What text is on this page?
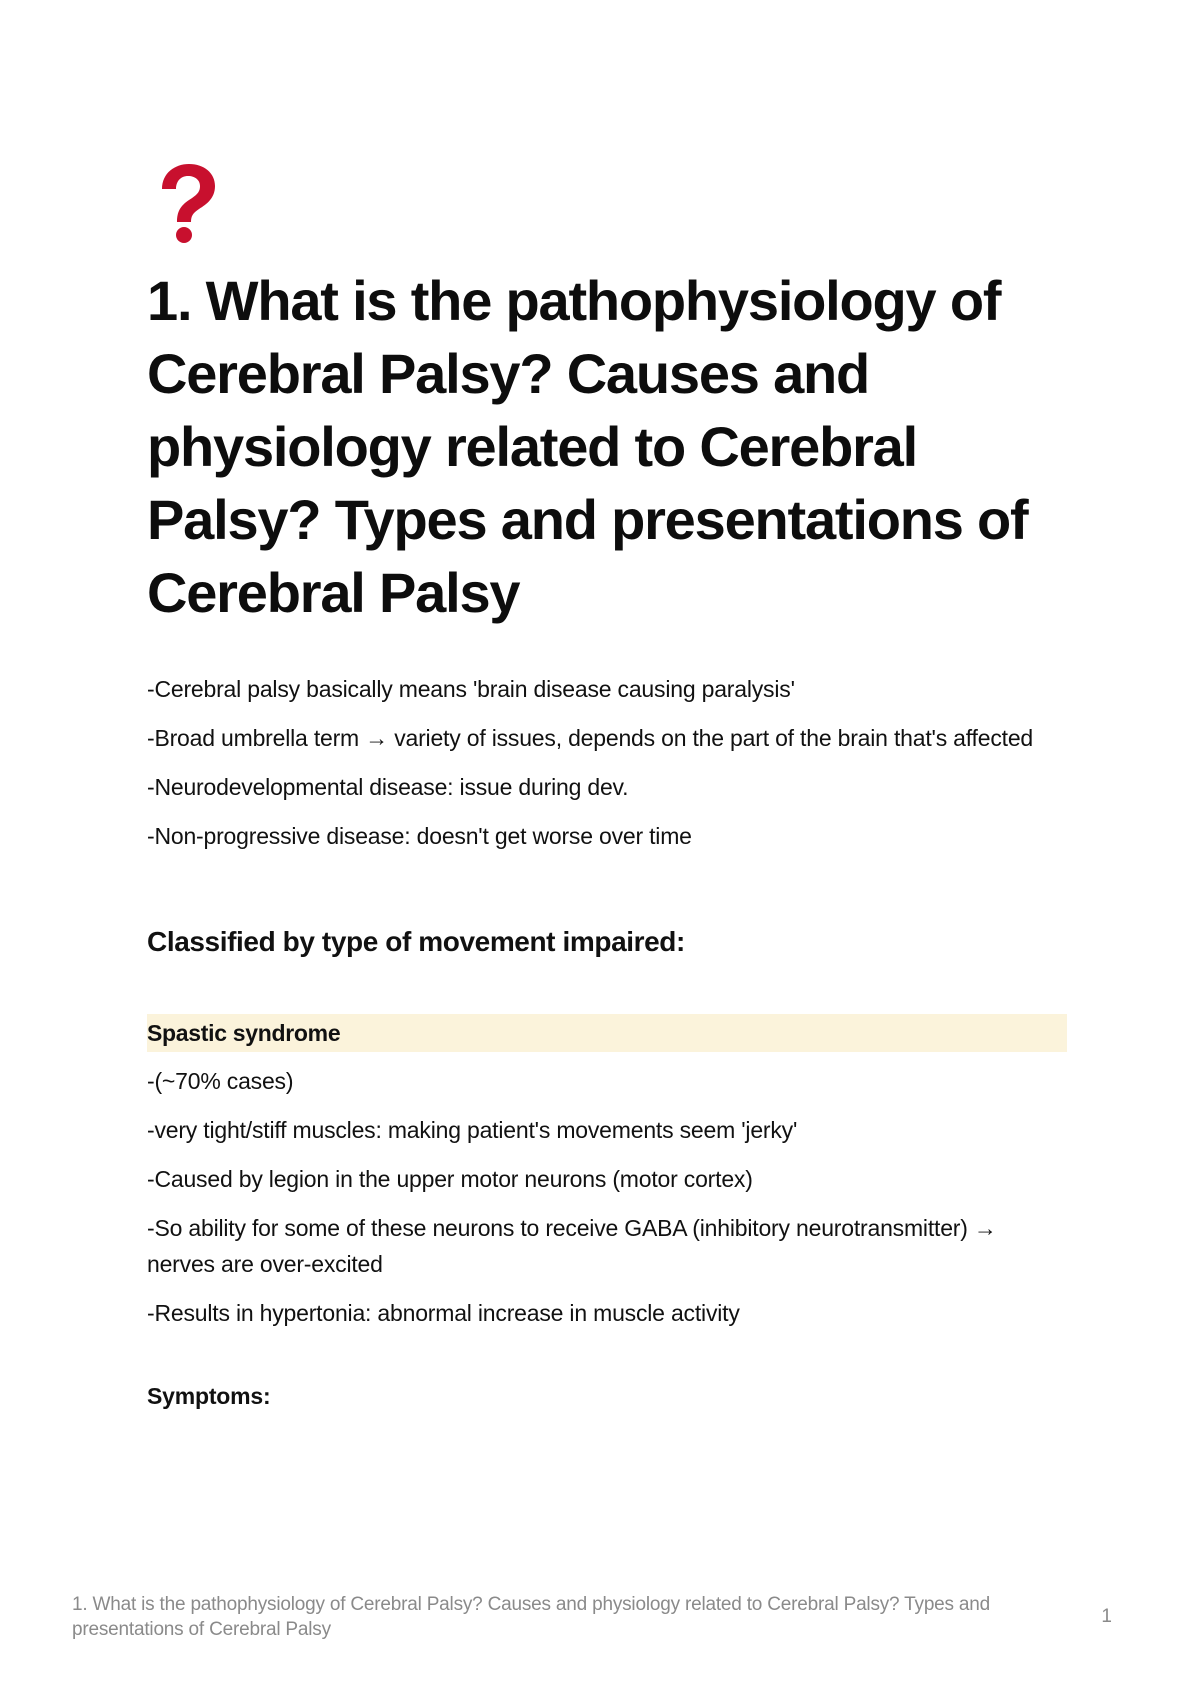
1. What is the pathophysiology of Cerebral Palsy? Causes and physiology related to Cerebral Palsy? Types and presentations of Cerebral Palsy

-Cerebral palsy basically means 'brain disease causing paralysis'

-Broad umbrella term → variety of issues, depends on the part of the brain that's affected

-Neurodevelopmental disease: issue during dev.

-Non-progressive disease: doesn't get worse over time

Classified by type of movement impaired:
Spastic syndrome

-(~70% cases)

-very tight/stiff muscles: making patient's movements seem 'jerky'

-Caused by legion in the upper motor neurons (motor cortex)

-So ability for some of these neurons to receive GABA (inhibitory neurotransmitter) → nerves are over-excited

-Results in hypertonia: abnormal increase in muscle activity

Symptoms:
1. What is the pathophysiology of Cerebral Palsy? Causes and physiology related to Cerebral Palsy? Types and presentations of Cerebral Palsy
1
